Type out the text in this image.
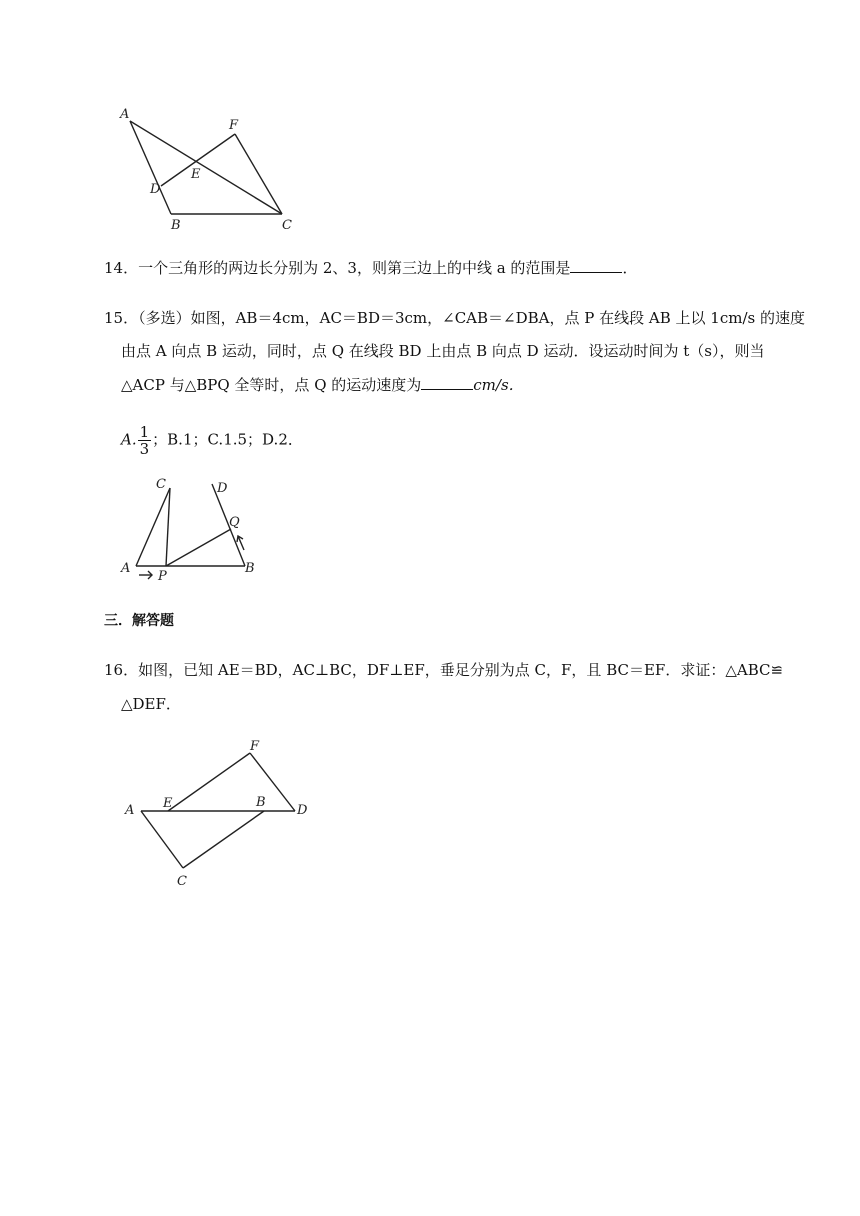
A
F
E
D
B	C
14．一个三角形的两边长分别为 2、3，则第三边上的中线 a 的范围是	．
15．（多选）如图，AB＝4cm，AC＝BD＝3cm，∠CAB＝∠DBA，点 P 在线段 AB 上以 1cm/s 的速度
由点 A 向点 B 运动，同时，点 Q 在线段 BD 上由点 B 向点 D 运动．设运动时间为 t（s），则当
△ACP 与△BPQ 全等时，点 Q 的运动速度为	cm/s．
A. $\frac{1}{3}$ ；B.1；C.1.5；D.2．
C	D
Q
A
P
B
三．解答题
16．如图，已知 AE＝BD，AC⊥BC，DF⊥EF，垂足分别为点 C，F，且 BC＝EF．求证：△ABC≌
△DEF．
F
A E	B
D
C
